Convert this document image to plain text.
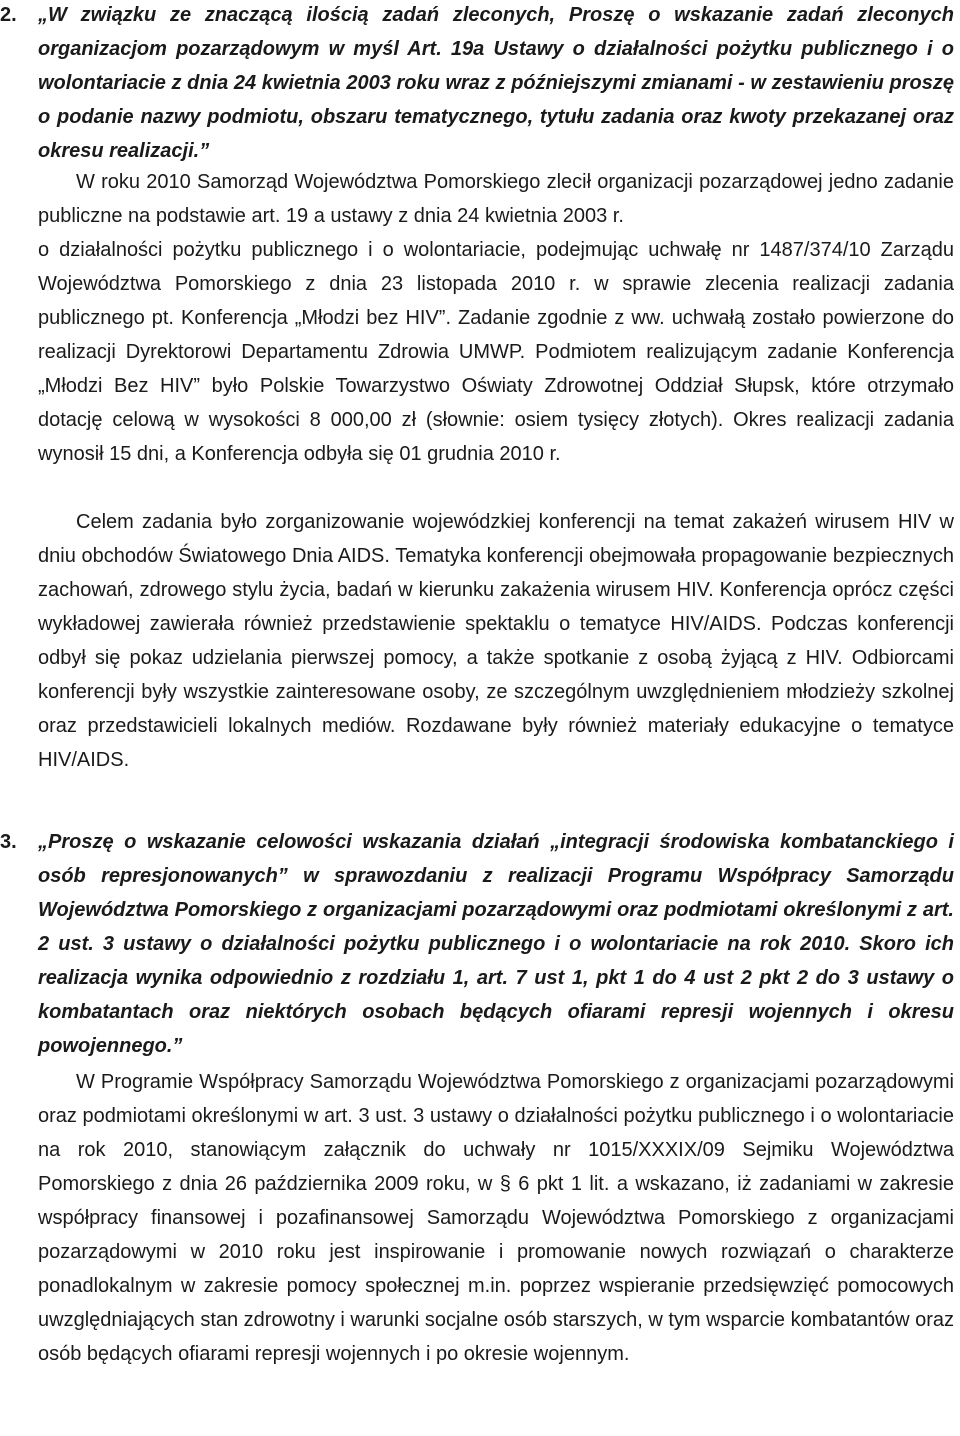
2. „W związku ze znaczącą ilością zadań zleconych, Proszę o wskazanie zadań zleconych organizacjom pozarządowym w myśl Art. 19a Ustawy o działalności pożytku publicznego i o wolontariacie z dnia 24 kwietnia 2003 roku wraz z późniejszymi zmianami - w zestawieniu proszę o podanie nazwy podmiotu, obszaru tematycznego, tytułu zadania oraz kwoty przekazanej oraz okresu realizacji.”

W roku 2010 Samorząd Województwa Pomorskiego zlecił organizacji pozarządowej jedno zadanie publiczne na podstawie art. 19 a ustawy z dnia 24 kwietnia 2003 r.

o działalności pożytku publicznego i o wolontariacie, podejmując uchwałę nr 1487/374/10 Zarządu Województwa Pomorskiego z dnia 23 listopada 2010 r. w sprawie zlecenia realizacji zadania publicznego pt. Konferencja „Młodzi bez HIV”. Zadanie zgodnie z ww. uchwałą zostało powierzone do realizacji Dyrektorowi Departamentu Zdrowia UMWP. Podmiotem realizującym zadanie Konferencja „Młodzi Bez HIV” było Polskie Towarzystwo Oświaty Zdrowotnej Oddział Słupsk, które otrzymało dotację celową w wysokości 8 000,00 zł (słownie: osiem tysięcy złotych). Okres realizacji zadania wynosił 15 dni, a Konferencja odbyła się 01 grudnia 2010 r.

Celem zadania było zorganizowanie wojewódzkiej konferencji na temat zakażeń wirusem HIV w dniu obchodów Światowego Dnia AIDS. Tematyka konferencji obejmowała propagowanie bezpiecznych zachowań, zdrowego stylu życia, badań w kierunku zakażenia wirusem HIV. Konferencja oprócz części wykładowej zawierała również przedstawienie spektaklu o tematyce HIV/AIDS. Podczas konferencji odbył się pokaz udzielania pierwszej pomocy, a także spotkanie z osobą żyjącą z HIV. Odbiorcami konferencji były wszystkie zainteresowane osoby, ze szczególnym uwzględnieniem młodzieży szkolnej oraz przedstawicieli lokalnych mediów. Rozdawane były również materiały edukacyjne o tematyce HIV/AIDS.

3. „Proszę o wskazanie celowości wskazania działań „integracji środowiska kombatanckiego i osób represjonowanych” w sprawozdaniu z realizacji Programu Współpracy Samorządu Województwa Pomorskiego z organizacjami pozarządowymi oraz podmiotami określonymi z art. 2 ust. 3 ustawy o działalności pożytku publicznego i o wolontariacie na rok 2010. Skoro ich realizacja wynika odpowiednio z rozdziału 1, art. 7 ust 1, pkt 1 do 4 ust 2 pkt 2 do 3 ustawy o kombatantach oraz niektórych osobach będących ofiarami represji wojennych i okresu powojennego.”

W Programie Współpracy Samorządu Województwa Pomorskiego z organizacjami pozarządowymi oraz podmiotami określonymi w art. 3 ust. 3 ustawy o działalności pożytku publicznego i o wolontariacie na rok 2010, stanowiącym załącznik do uchwały nr 1015/XXXIX/09 Sejmiku Województwa Pomorskiego z dnia 26 października 2009 roku, w § 6 pkt 1 lit. a wskazano, iż zadaniami w zakresie współpracy finansowej i pozafinansowej Samorządu Województwa Pomorskiego z organizacjami pozarządowymi w 2010 roku jest inspirowanie i promowanie nowych rozwiązań o charakterze ponadlokalnym w zakresie pomocy społecznej m.in. poprzez wspieranie przedsięwzięć pomocowych uwzględniających stan zdrowotny i warunki socjalne osób starszych, w tym wsparcie kombatantów oraz osób będących ofiarami represji wojennych i po okresie wojennym.
